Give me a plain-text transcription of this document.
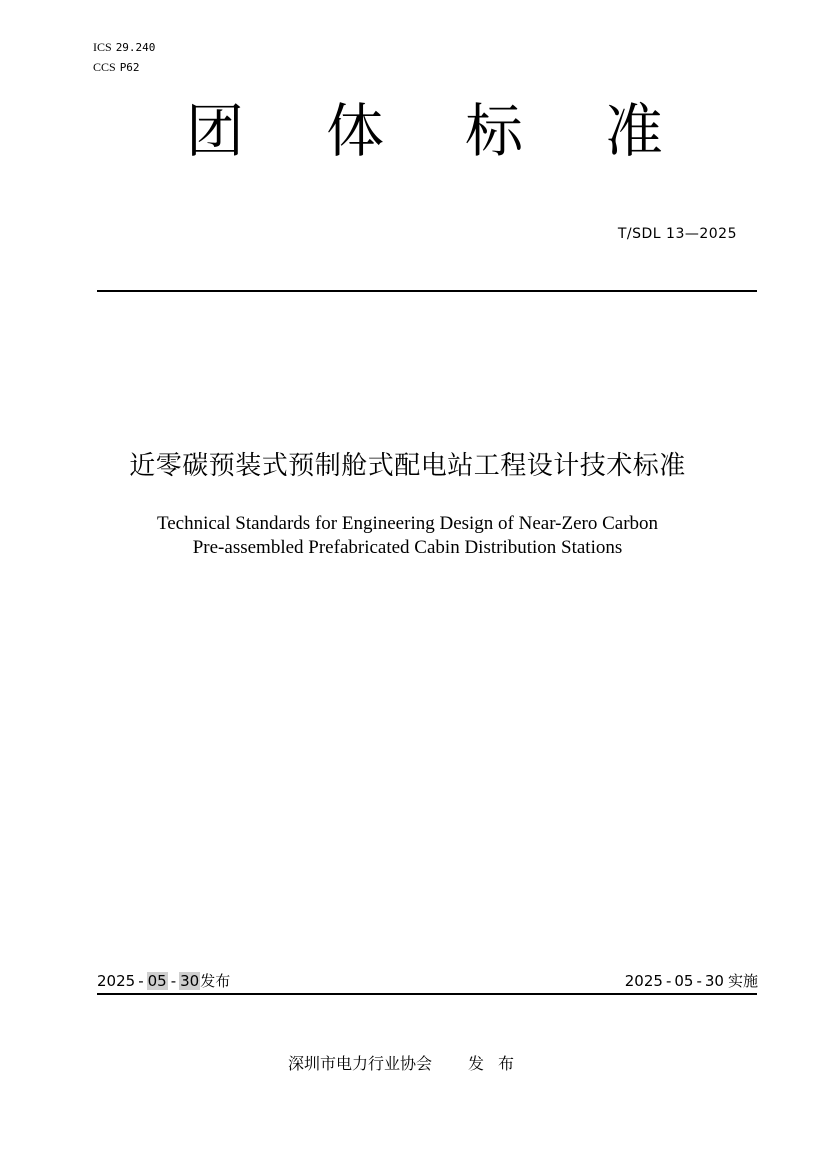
ICS 29.240
CCS P62
团 体 标 准
T/SDL 13—2025
近零碳预装式预制舱式配电站工程设计技术标准
Technical Standards for Engineering Design of Near-Zero Carbon
Pre-assembled Prefabricated Cabin Distribution Stations
2025 - 05 - 30发布	2025 - 05 - 30 实施
深圳市电力行业协会 发布
